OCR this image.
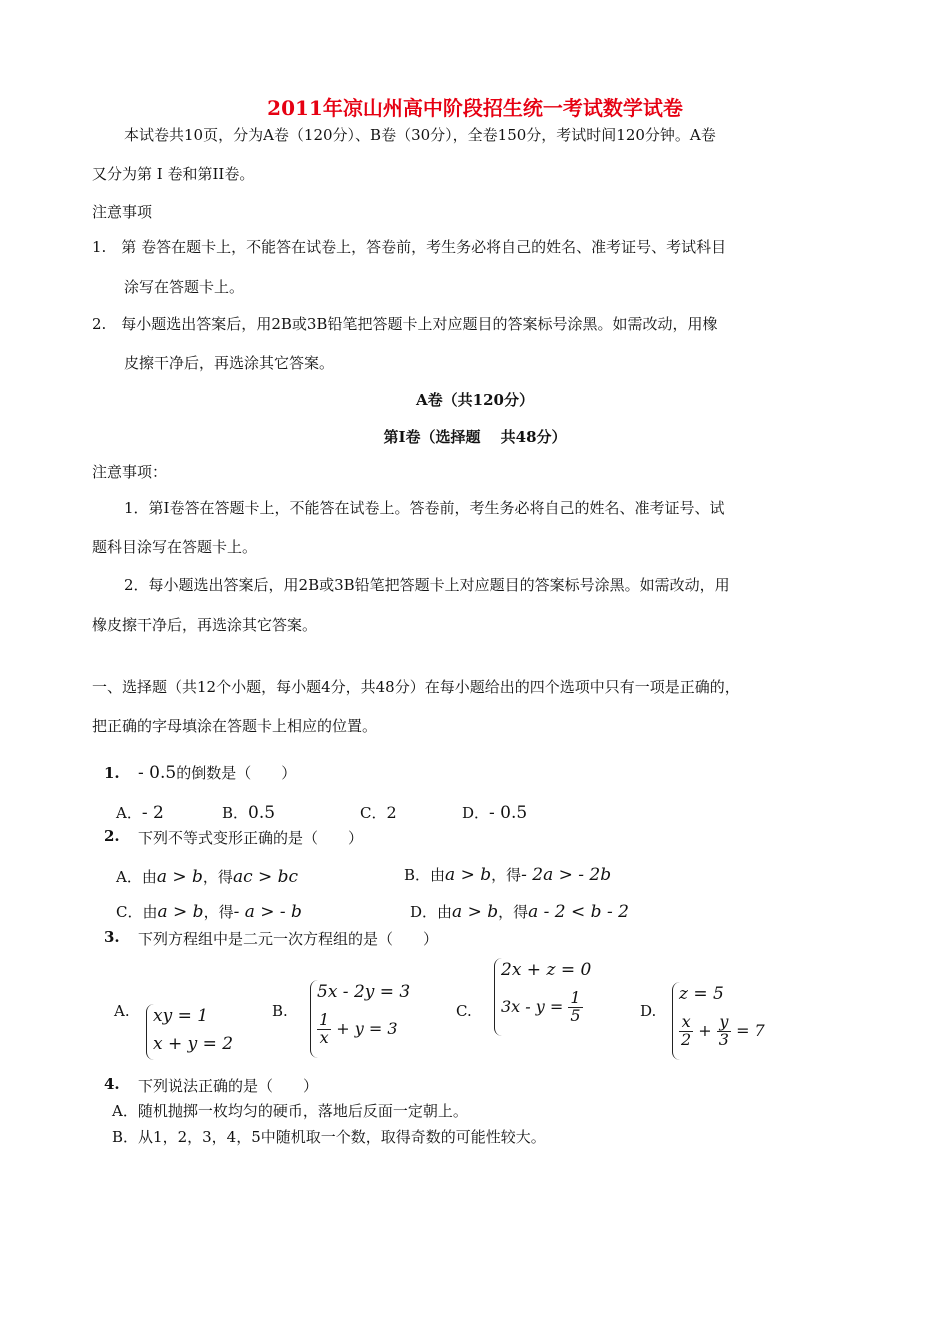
2011年凉山州高中阶段招生统一考试数学试卷
本试卷共10页，分为A卷（120分）、B卷（30分），全卷150分，考试时间120分钟。A卷
又分为第 I 卷和第II卷。
注意事项
1.　第 卷答在题卡上，不能答在试卷上，答卷前，考生务必将自己的姓名、准考证号、考试科目
涂写在答题卡上。
2.　每小题选出答案后，用2B或3B铅笔把答题卡上对应题目的答案标号涂黑。如需改动，用橡
皮擦干净后，再选涂其它答案。
A卷（共120分）
第I卷（选择题　 共48分）
注意事项：
1．第I卷答在答题卡上，不能答在试卷上。答卷前，考生务必将自己的姓名、准考证号、试
题科目涂写在答题卡上。
2．每小题选出答案后，用2B或3B铅笔把答题卡上对应题目的答案标号涂黑。如需改动，用
橡皮擦干净后，再选涂其它答案。
一、选择题（共12个小题，每小题4分，共48分）在每小题给出的四个选项中只有一项是正确的，
把正确的字母填涂在答题卡上相应的位置。
1. - 0.5的倒数是（　　）
A．- 2	B．0.5	C．2	D．- 0.5
2. 下列不等式变形正确的是（　　）
A．由a > b，得ac > bc	B．由a > b，得- 2a > - 2b
C．由a > b，得- a > - b	D．由a > b，得a - 2 < b - 2
3. 下列方程组中是二元一次方程组的是（　　）
A. xy = 1
x + y = 2
B.
5x - 2y = 3
$\frac{1}{x} + y = 3$
C.
2x + z = 0
$3x - y = \frac{1}{5}$	D.
z = 5
$\frac{x}{2} + \frac{y}{3} = 7$
4. 下列说法正确的是（　　）
A．随机抛掷一枚均匀的硬币，落地后反面一定朝上。
B．从1，2，3，4，5中随机取一个数，取得奇数的可能性较大。
